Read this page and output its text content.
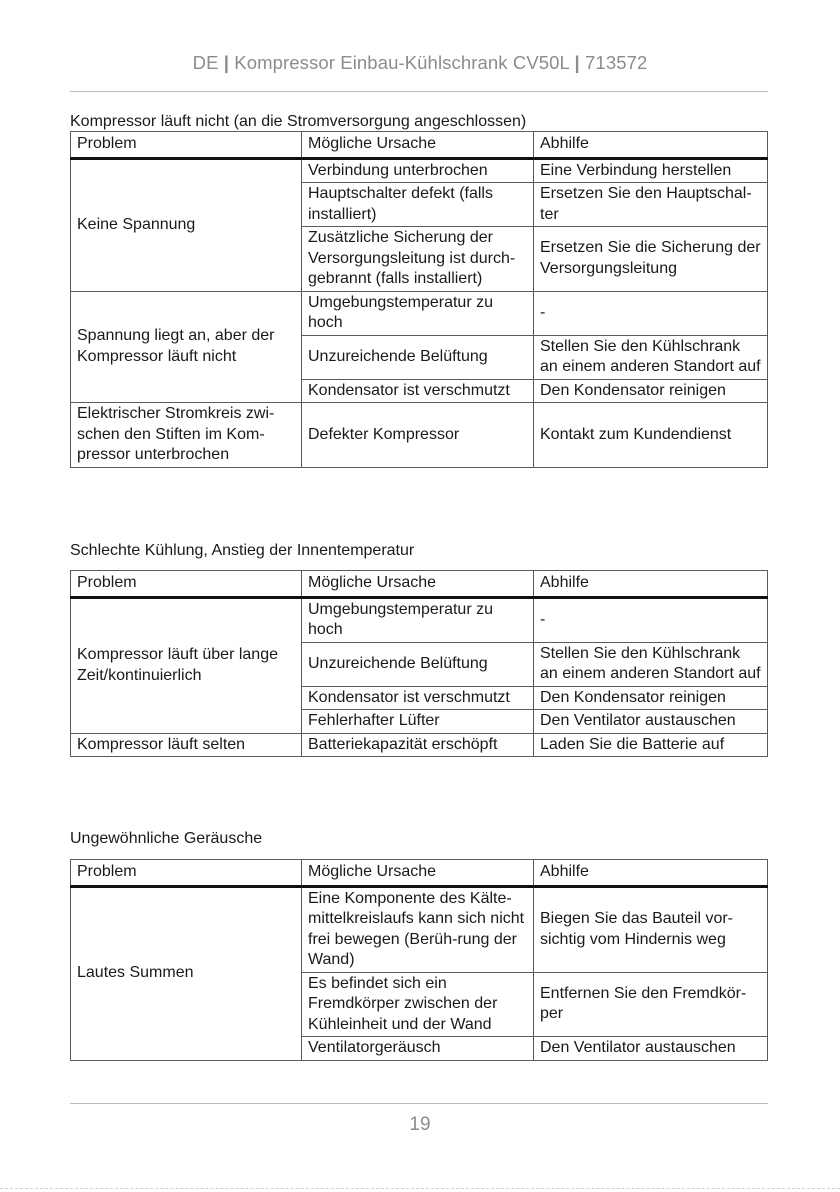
DE | Kompressor Einbau-Kühlschrank CV50L | 713572
Kompressor läuft nicht (an die Stromversorgung angeschlossen)
Problem	Mögliche Ursache	Abhilfe
Keine Spannung	Verbindung unterbrochen	Eine Verbindung herstellen
	Hauptschalter defekt (falls installiert)	Ersetzen Sie den Hauptschal-ter
	Zusätzliche Sicherung der Versorgungsleitung ist durch-gebrannt (falls installiert)	Ersetzen Sie die Sicherung der Versorgungsleitung
Spannung liegt an, aber der Kompressor läuft nicht	Umgebungstemperatur zu hoch	-
	Unzureichende Belüftung	Stellen Sie den Kühlschrank an einem anderen Standort auf
	Kondensator ist verschmutzt	Den Kondensator reinigen
Elektrischer Stromkreis zwi-schen den Stiften im Kom-pressor unterbrochen	Defekter Kompressor	Kontakt zum Kundendienst
Schlechte Kühlung, Anstieg der Innentemperatur
Problem	Mögliche Ursache	Abhilfe
Kompressor läuft über lange Zeit/kontinuierlich	Umgebungstemperatur zu hoch	-
	Unzureichende Belüftung	Stellen Sie den Kühlschrank an einem anderen Standort auf
	Kondensator ist verschmutzt	Den Kondensator reinigen
	Fehlerhafter Lüfter	Den Ventilator austauschen
Kompressor läuft selten	Batteriekapazität erschöpft	Laden Sie die Batterie auf
Ungewöhnliche Geräusche
Problem	Mögliche Ursache	Abhilfe
Lautes Summen	Eine Komponente des Kälte-mittelkreislaufs kann sich nicht frei bewegen (Berüh-rung der Wand)	Biegen Sie das Bauteil vor-sichtig vom Hindernis weg
	Es befindet sich ein Fremdkörper zwischen der Kühleinheit und der Wand	Entfernen Sie den Fremdkör-per
	Ventilatorgeräusch	Den Ventilator austauschen
19
